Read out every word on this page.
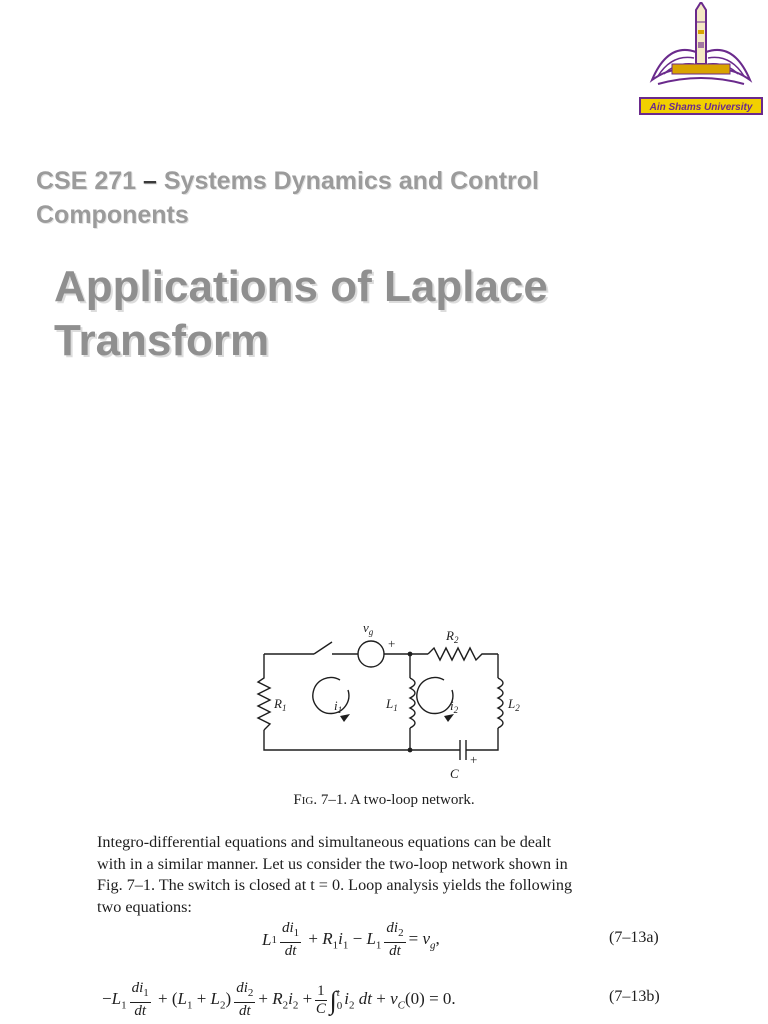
Ain Shams University
CSE 271 – Systems Dynamics and Control
Components
Applications of Laplace
Transform
$v_g$
+
$R_2$
$R_1$	$i_1$	$L_1$	$i_2$	$L_2$
C
+
Fig. 7–1. A two-loop network.
Integro-differential equations and simultaneous equations can be dealt
with in a similar manner. Let us consider the two-loop network shown in
Fig. 7–1. The switch is closed at t = 0. Loop analysis yields the following
two equations:
L $1 \frac{di_1}{dt} + R_1i_1 - L_1 \frac{di_2}{dt} = v_g$,	(7–13a)
$-L_1 \frac{di_1}{dt} + (L_1 + L_2) \frac{di_2}{dt} + R_2i_2 + \frac{1}{C}$ ∫ t
0 $i_2$ dt + $v_C(0) = 0$.	(7–13b)
